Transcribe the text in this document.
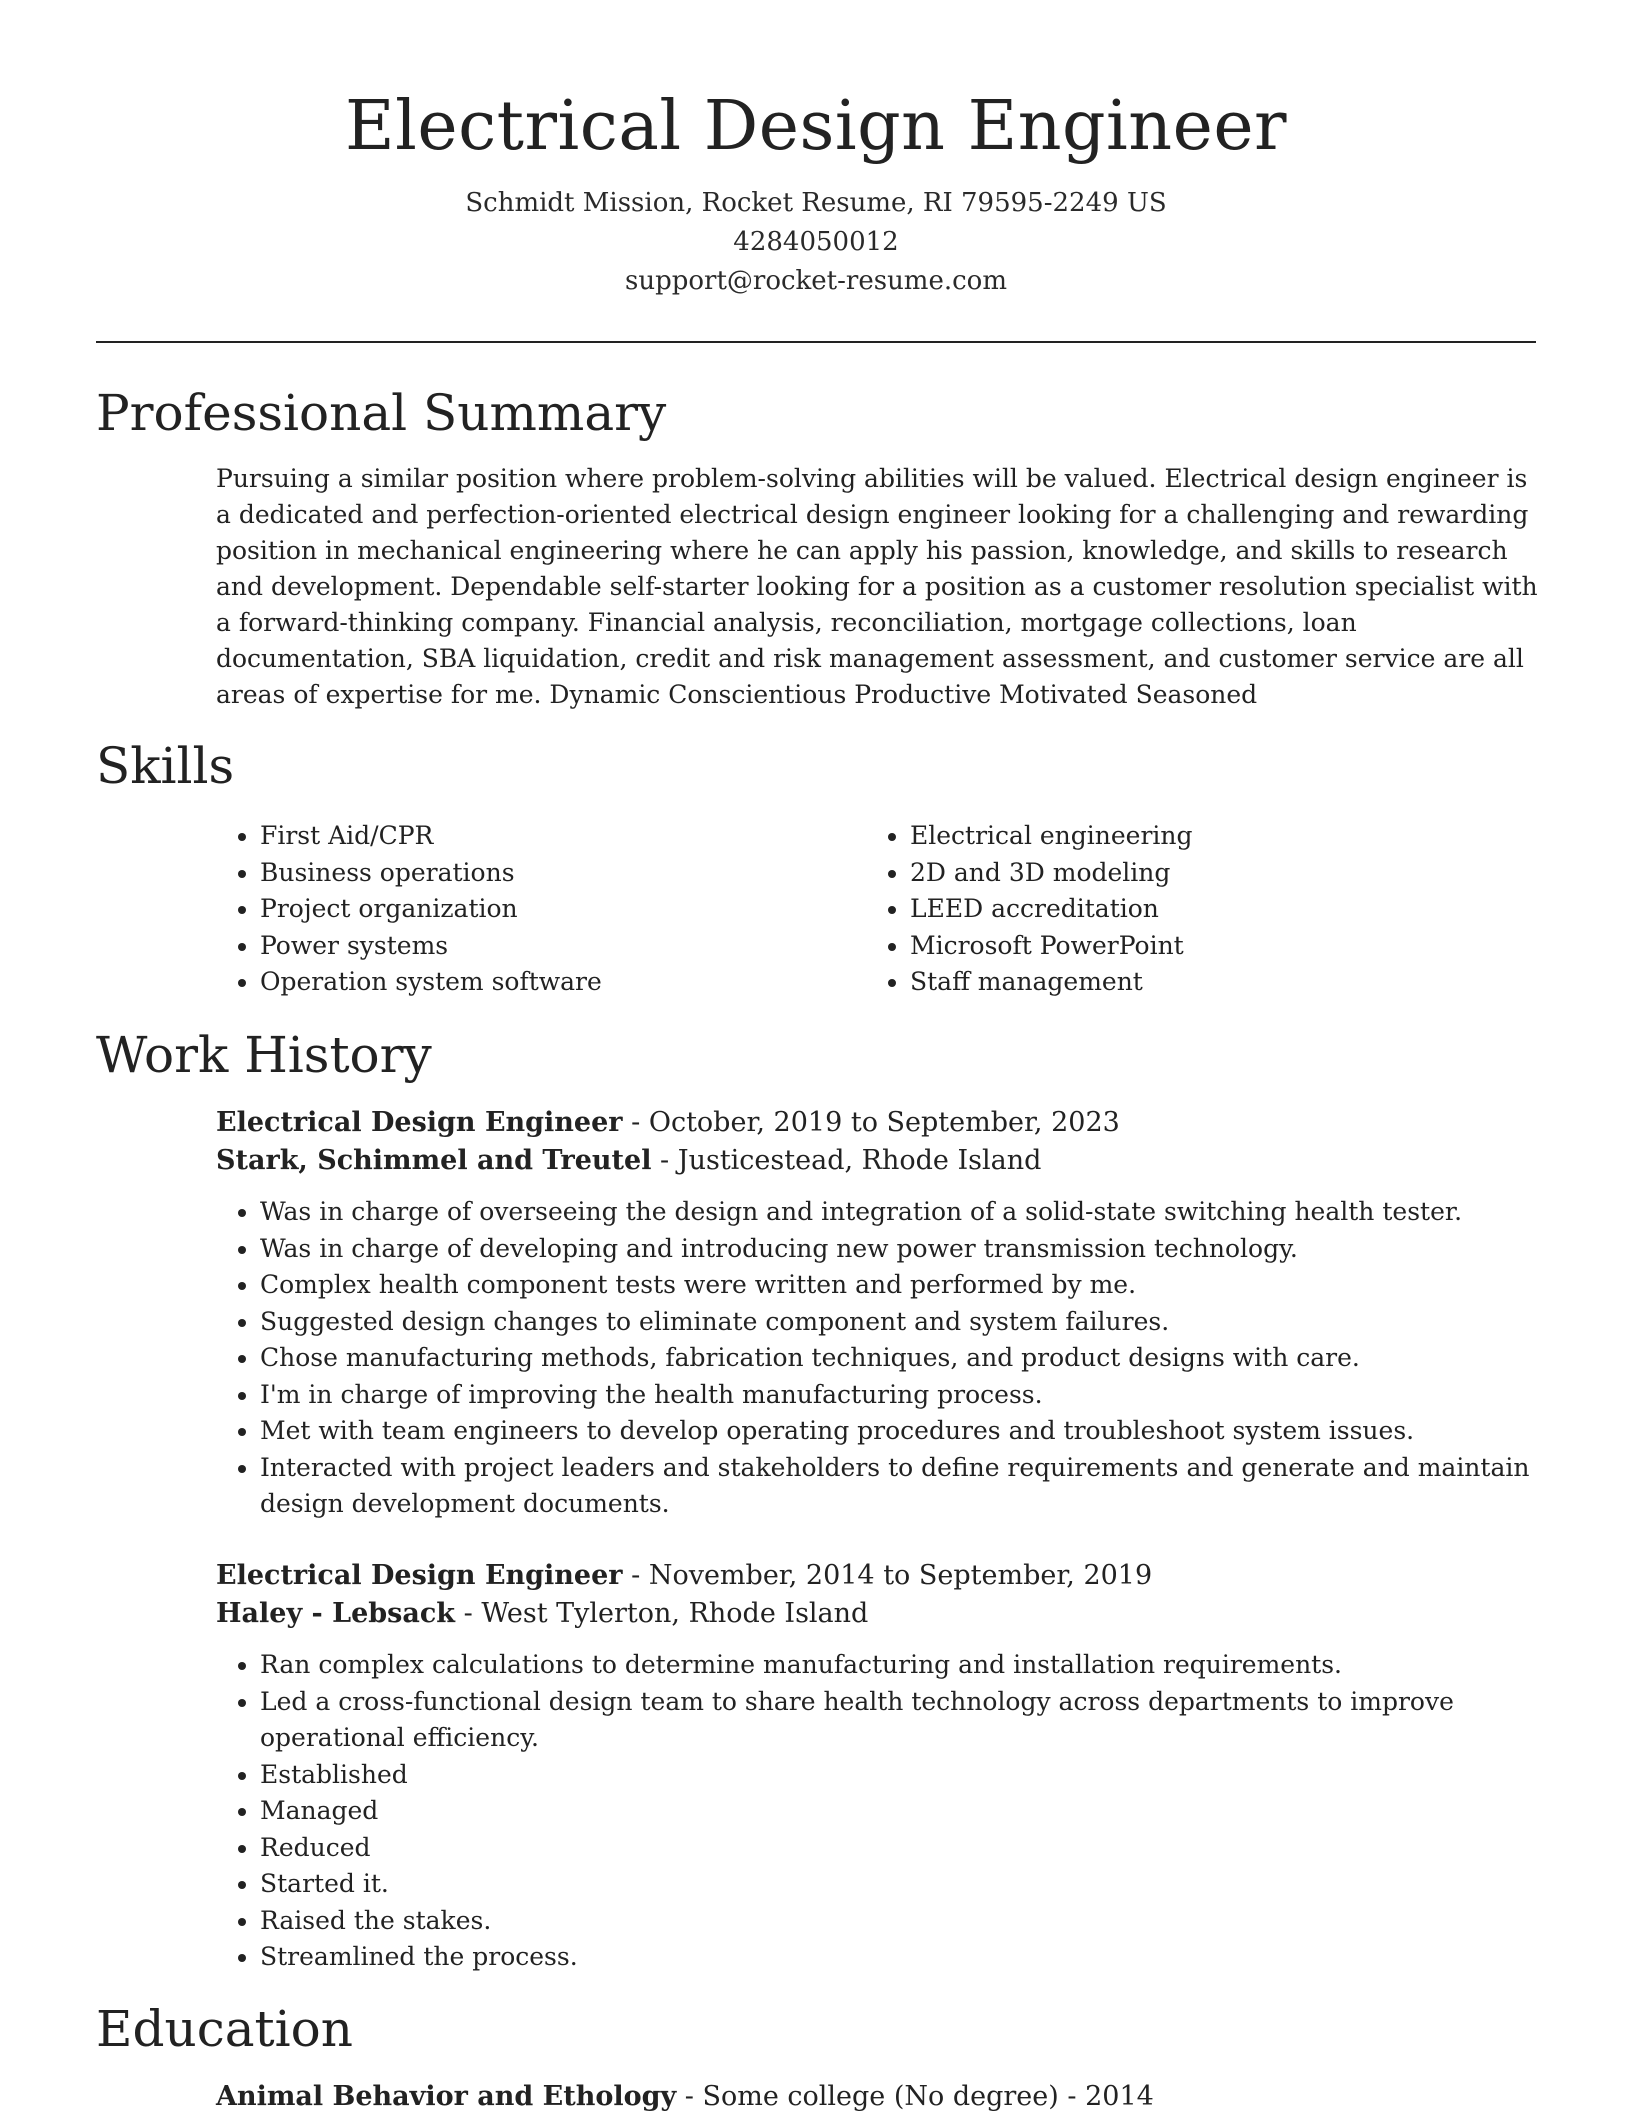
Electrical Design Engineer
Schmidt Mission, Rocket Resume, RI 79595-2249 US
4284050012
support@rocket-resume.com
Professional Summary

Pursuing a similar position where problem-solving abilities will be valued. Electrical design engineer is a dedicated and perfection-oriented electrical design engineer looking for a challenging and rewarding position in mechanical engineering where he can apply his passion, knowledge, and skills to research and development. Dependable self-starter looking for a position as a customer resolution specialist with a forward-thinking company. Financial analysis, reconciliation, mortgage collections, loan documentation, SBA liquidation, credit and risk management assessment, and customer service are all areas of expertise for me. Dynamic Conscientious Productive Motivated Seasoned

Skills
• First Aid/CPR
• Business operations
• Project organization
• Power systems
• Operation system software
• Electrical engineering
• 2D and 3D modeling
• LEED accreditation
• Microsoft PowerPoint
• Staff management
Work History
Electrical Design Engineer - October, 2019 to September, 2023
Stark, Schimmel and Treutel - Justicestead, Rhode Island
• Was in charge of overseeing the design and integration of a solid-state switching health tester.
• Was in charge of developing and introducing new power transmission technology.
• Complex health component tests were written and performed by me.
• Suggested design changes to eliminate component and system failures.
• Chose manufacturing methods, fabrication techniques, and product designs with care.
• I'm in charge of improving the health manufacturing process.
• Met with team engineers to develop operating procedures and troubleshoot system issues.
• Interacted with project leaders and stakeholders to define requirements and generate and maintain design development documents.
Electrical Design Engineer - November, 2014 to September, 2019
Haley - Lebsack - West Tylerton, Rhode Island
• Ran complex calculations to determine manufacturing and installation requirements.
• Led a cross-functional design team to share health technology across departments to improve operational efficiency.
• Established
• Managed
• Reduced
• Started it.
• Raised the stakes.
• Streamlined the process.
Education
Animal Behavior and Ethology - Some college (No degree) - 2014
